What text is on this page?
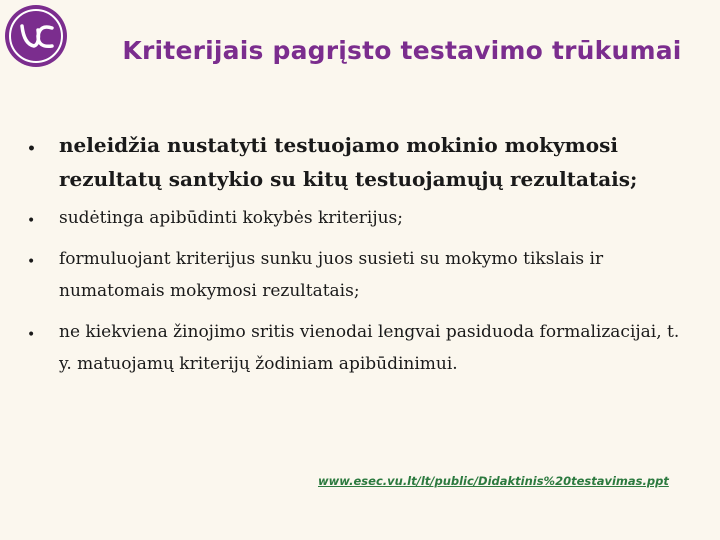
Kriterijais pagrįsto testavimo trūkumai
• neleidžia nustatyti testuojamo mokinio mokymosi rezultatų santykio su kitų testuojamųjų rezultatais;
• sudėtinga apibūdinti kokybės kriterijus;
• formuluojant kriterijus sunku juos susieti su mokymo tikslais ir numatomais mokymosi rezultatais;
• ne kiekviena žinojimo sritis vienodai lengvai pasiduoda formalizacijai, t. y. matuojamų kriterijų žodiniam apibūdinimui.
www.esec.vu.lt/lt/public/Didaktinis%20testavimas.ppt
